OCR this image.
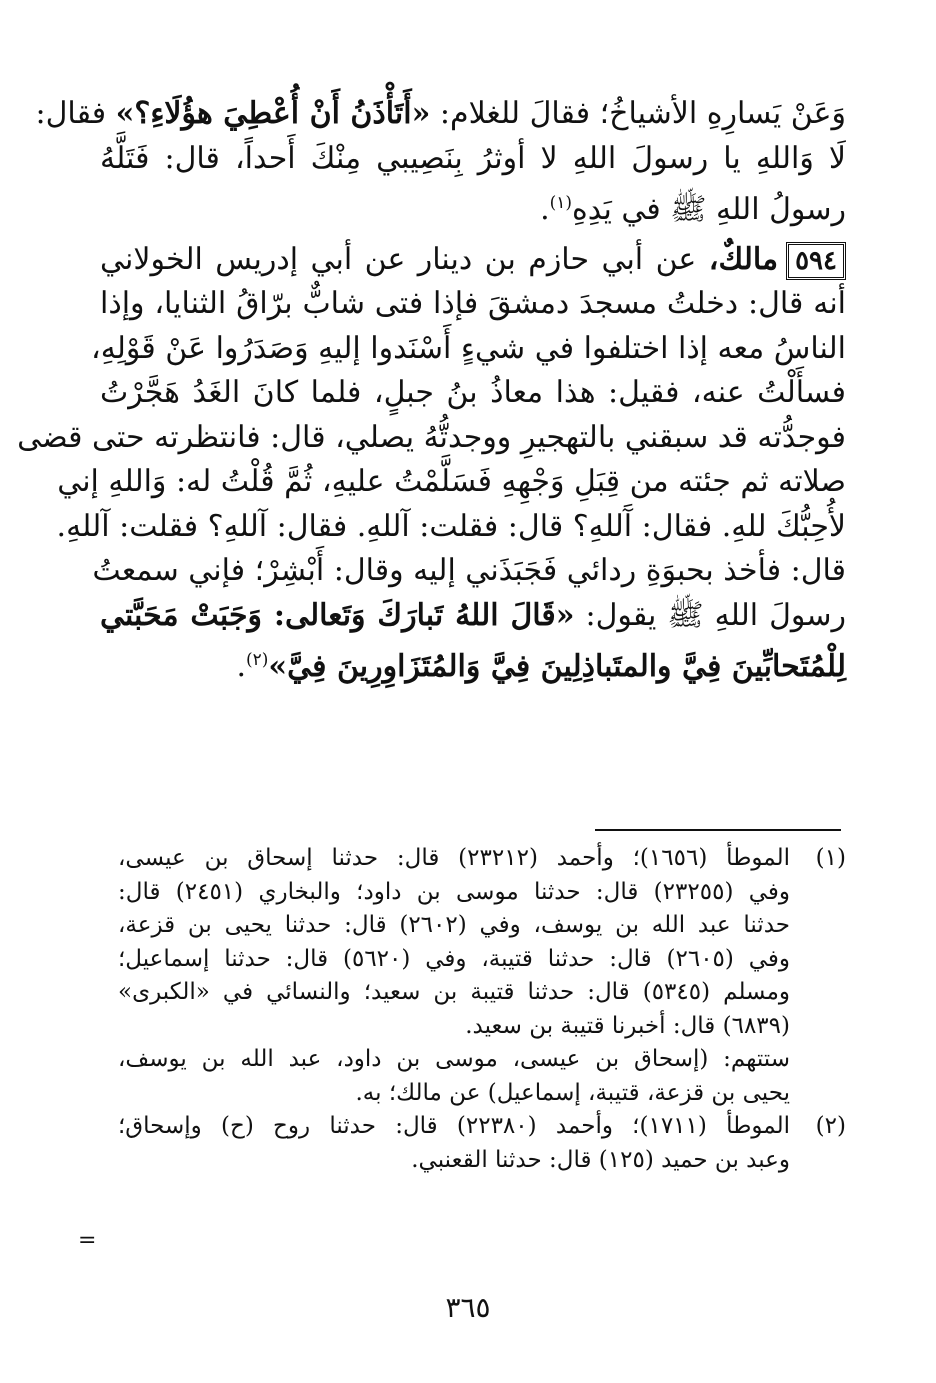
وَعَنْ يَسارِهِ الأشياخُ؛ فقالَ للغلام: «أَتَأْذَنُ أَنْ أُعْطِيَ هؤُلَاءِ؟» فقال:
لَا وَاللهِ يا رسولَ اللهِ لا أوثرُ بِنَصِيبي مِنْكَ أَحداً، قال: فَتَلَّهُ
رسولُ اللهِ ﷺ في يَدِهِ$^{(١)}$.
٥٩٤مالكٌ، عن أبي حازم بن دينار عن أبي إدريس الخولاني
أنه قال: دخلتُ مسجدَ دمشقَ فإذا فتى شابٌّ برّاقُ الثنايا، وإذا
الناسُ معه إذا اختلفوا في شيءٍ أَسْنَدوا إليهِ وَصَدَرُوا عَنْ قَوْلِهِ،
فسأَلْتُ عنه، فقيل: هذا معاذُ بنُ جبلٍ، فلما كانَ الغَدُ هَجَّرْتُ
فوجدُّته قد سبقني بالتهجيرِ ووجدتُّهُ يصلي، قال: فانتظرته حتى قضى
صلاته ثم جئته من قِبَلِ وَجْهِهِ فَسَلَّمْتُ عليهِ، ثُمَّ قُلْتُ له: وَاللهِ إني
لأُحِبُّكَ للهِ. فقال: آَللهِ؟ قال: فقلت: آللهِ. فقال: آللهِ؟ فقلت: آللهِ.
قال: فأخذ بحبوَةِ ردائي فَجَبَذَني إليه وقال: أَبْشِرْ؛ فإني سمعتُ
رسولَ اللهِ ﷺ يقول: «قَالَ اللهُ تَبارَكَ وَتَعالى: وَجَبَتْ مَحَبَّتي
لِلْمُتَحابِّينَ فِيَّ والمتَباذِلِينَ فِيَّ وَالمُتَزَاوِرِينَ فِيَّ»$^{(٢)}$.
(١)الموطأ (١٦٥٦)؛ وأحمد (٢٣٢١٢) قال: حدثنا إسحاق بن عيسى،
وفي (٢٣٢٥٥) قال: حدثنا موسى بن داود؛ والبخاري (٢٤٥١) قال:
حدثنا عبد الله بن يوسف، وفي (٢٦٠٢) قال: حدثنا يحيى بن قزعة،
وفي (٢٦٠٥) قال: حدثنا قتيبة، وفي (٥٦٢٠) قال: حدثنا إسماعيل؛
ومسلم (٥٣٤٥) قال: حدثنا قتيبة بن سعيد؛ والنسائي في «الكبرى»
(٦٨٣٩) قال: أخبرنا قتيبة بن سعيد.
ستتهم: (إسحاق بن عيسى، موسى بن داود، عبد الله بن يوسف،
يحيى بن قزعة، قتيبة، إسماعيل) عن مالك؛ به.
(٢)الموطأ (١٧١١)؛ وأحمد (٢٢٣٨٠) قال: حدثنا روح (ح) وإسحاق؛
وعبد بن حميد (١٢٥) قال: حدثنا القعنبي.
=
٣٦٥
